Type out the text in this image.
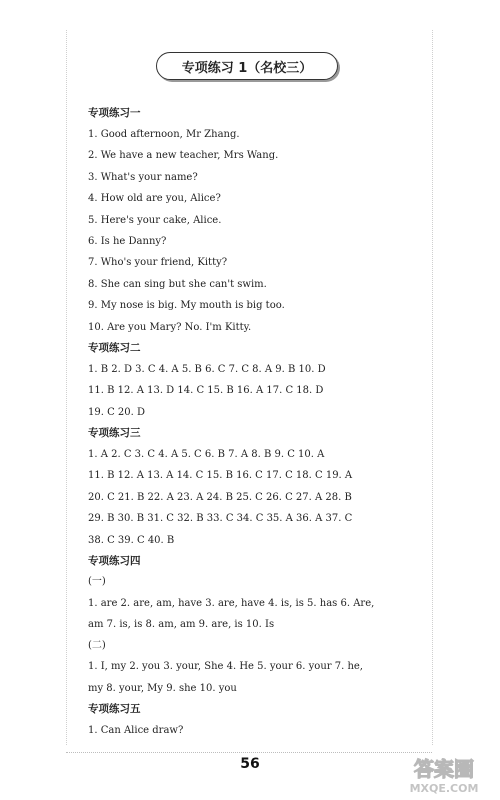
专项练习 1（名校三）
专项练习一
1. Good afternoon, Mr Zhang.
2. We have a new teacher, Mrs Wang.
3. What's your name?
4. How old are you, Alice?
5. Here's your cake, Alice.
6. Is he Danny?
7. Who's your friend, Kitty?
8. She can sing but she can't swim.
9. My nose is big. My mouth is big too.
10. Are you Mary? No. I'm Kitty.
专项练习二
1. B 2. D 3. C 4. A 5. B 6. C 7. C 8. A 9. B 10. D
11. B 12. A 13. D 14. C 15. B 16. A 17. C 18. D
19. C 20. D
专项练习三
1. A 2. C 3. C 4. A 5. C 6. B 7. A 8. B 9. C 10. A
11. B 12. A 13. A 14. C 15. B 16. C 17. C 18. C 19. A
20. C 21. B 22. A 23. A 24. B 25. C 26. C 27. A 28. B
29. B 30. B 31. C 32. B 33. C 34. C 35. A 36. A 37. C
38. C 39. C 40. B
专项练习四
(一)
1. are 2. are, am, have 3. are, have 4. is, is 5. has 6. Are,
am 7. is, is 8. am, am 9. are, is 10. Is
(二)
1. I, my 2. you 3. your, She 4. He 5. your 6. your 7. he,
my 8. your, My 9. she 10. you
专项练习五
1. Can Alice draw?
56	答案圈
MXQE.COM
